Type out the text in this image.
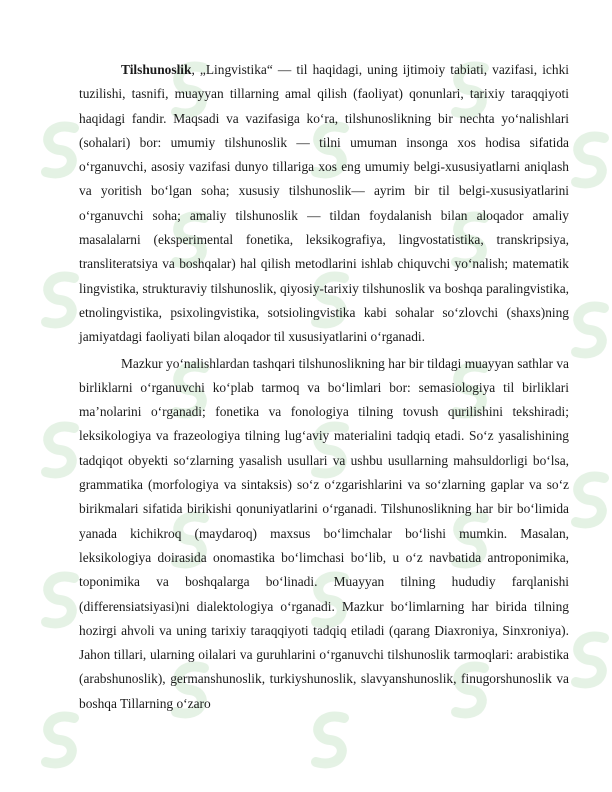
Tilshunoslik, „Lingvistika“ — til haqidagi, uning ijtimoiy tabiati, vazifasi, ichki tuzilishi, tasnifi, muayyan tillarning amal qilish (faoliyat) qonunlari, tarixiy taraqqiyoti haqidagi fandir. Maqsadi va vazifasiga koʻra, tilshunoslikning bir nechta yoʻnalishlari (sohalari) bor: umumiy tilshunoslik — tilni umuman insonga xos hodisa sifatida oʻrganuvchi, asosiy vazifasi dunyo tillariga xos eng umumiy belgi-xususiyatlarni aniqlash va yoritish boʻlgan soha; xususiy tilshunoslik— ayrim bir til belgi-xususiyatlarini oʻrganuvchi soha; amaliy tilshunoslik — tildan foydalanish bilan aloqador amaliy masalalarni (eksperimental fonetika, leksikografiya, lingvostatistika, transkripsiya, transliteratsiya va boshqalar) hal qilish metodlarini ishlab chiquvchi yoʻnalish; matematik lingvistika, strukturaviy tilshunoslik, qiyosiy-tarixiy tilshunoslik va boshqa paralingvistika, etnolingvistika, psixolingvistika, sotsiolingvistika kabi sohalar soʻzlovchi (shaxs)ning jamiyatdagi faoliyati bilan aloqador til xususiyatlarini oʻrganadi.

Mazkur yoʻnalishlardan tashqari tilshunoslikning har bir tildagi muayyan sathlar va birliklarni oʻrganuvchi koʻplab tarmoq va boʻlimlari bor: semasiologiya til birliklari maʼnolarini oʻrganadi; fonetika va fonologiya tilning tovush qurilishini tekshiradi; leksikologiya va frazeologiya tilning lugʻaviy materialini tadqiq etadi. Soʻz yasalishining tadqiqot obyekti soʻzlarning yasalish usullari va ushbu usullarning mahsuldorligi boʻlsa, grammatika (morfologiya va sintaksis) soʻz oʻzgarishlarini va soʻzlarning gaplar va soʻz birikmalari sifatida birikishi qonuniyatlarini oʻrganadi. Tilshunoslikning har bir boʻlimida yanada kichikroq (maydaroq) maxsus boʻlimchalar boʻlishi mumkin. Masalan, leksikologiya doirasida onomastika boʻlimchasi boʻlib, u oʻz navbatida antroponimika, toponimika va boshqalarga boʻlinadi. Muayyan tilning hududiy farqlanishi (differensiatsiyasi)ni dialektologiya oʻrganadi. Mazkur boʻlimlarning har birida tilning hozirgi ahvoli va uning tarixiy taraqqiyoti tadqiq etiladi (qarang Diaxroniya, Sinxroniya). Jahon tillari, ularning oilalari va guruhlarini oʻrganuvchi tilshunoslik tarmoqlari: arabistika (arabshunoslik), germanshunoslik, turkiyshunoslik, slavyanshunoslik, finugorshunoslik va boshqa Tillarning oʻzaro
